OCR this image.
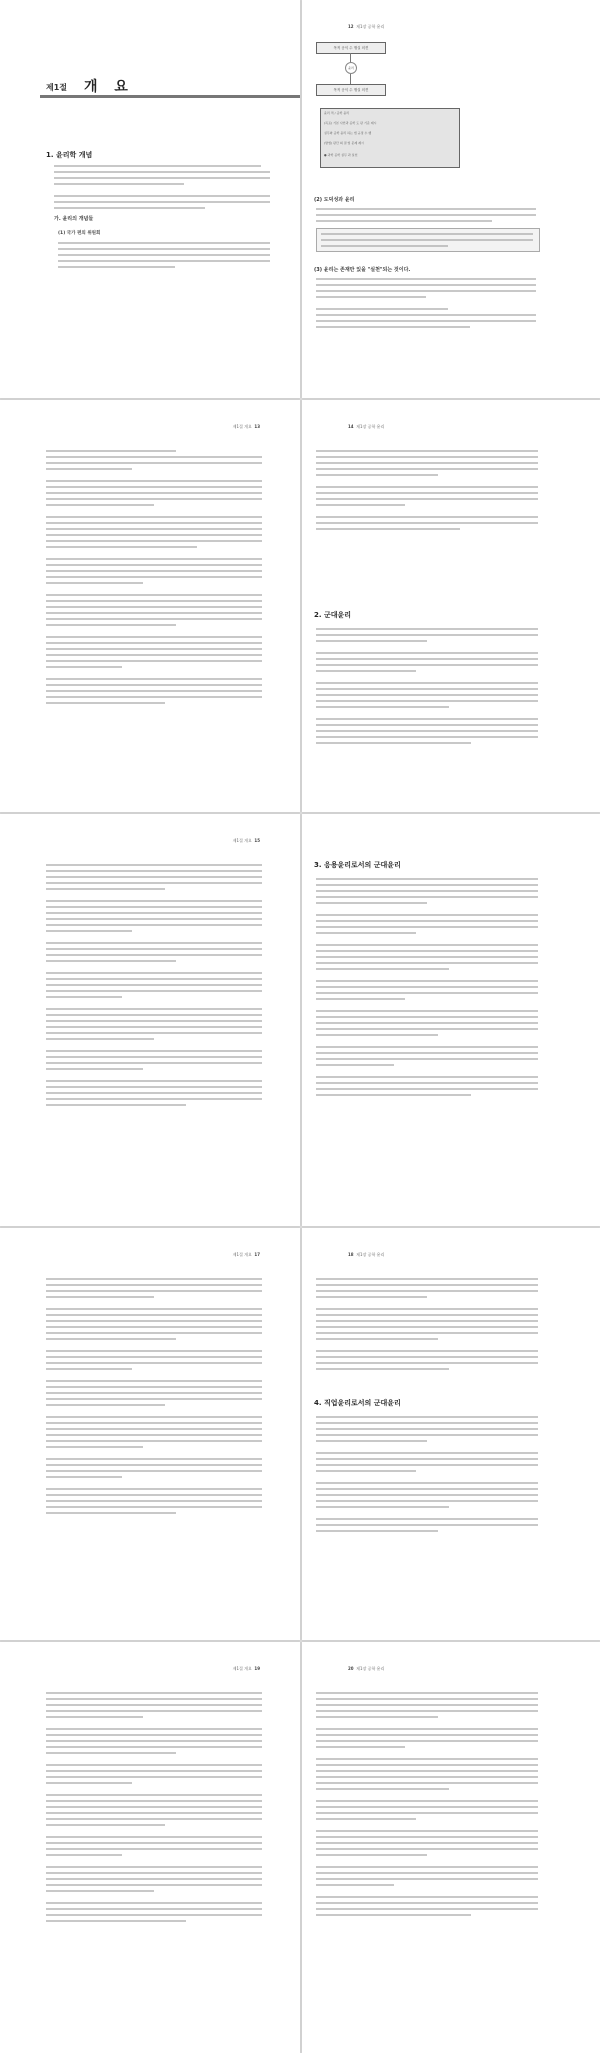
제1절 개 요
1. 윤리학 개념
가. 윤리의 개념들
(1) 국가 편의 위원회
12 제1장 공학 윤리
목적 공익 수 행실 의견
윤리
목적 공익 수 행실 의견
윤리 적 / 공학 윤리
(목표) 기본 사안과 공학 도 판 기준 제시
실무와 공학 윤리 하는 법 규정 수 행
(방법) 판단 의 결 업 문제 제시
● 과학 공학 실무 과 실천
(2) 도덕성과 윤리
(3) 윤리는 존재만 있을 "실천"되는 것이다.
제1절 개요 13	14 제1장 공학 윤리
2. 군대윤리
제1절 개요 15
3. 응용윤리로서의 군대윤리
제1절 개요 17	18 제1장 공학 윤리
4. 직업윤리로서의 군대윤리
제1절 개요 19	20 제1장 공학 윤리
